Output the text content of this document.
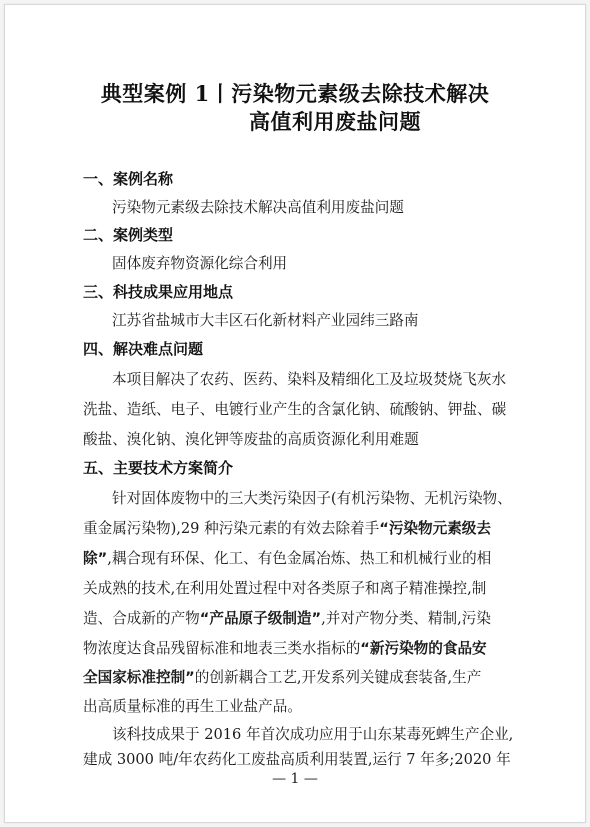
典型案例 1丨污染物元素级去除技术解决
高值利用废盐问题
一、案例名称
污染物元素级去除技术解决高值利用废盐问题
二、案例类型
固体废弃物资源化综合利用
三、科技成果应用地点
江苏省盐城市大丰区石化新材料产业园纬三路南
四、解决难点问题
本项目解决了农药、医药、染料及精细化工及垃圾焚烧飞灰水
洗盐、造纸、电子、电镀行业产生的含氯化钠、硫酸钠、钾盐、碳
酸盐、溴化钠、溴化钾等废盐的高质资源化利用难题
五、主要技术方案简介
针对固体废物中的三大类污染因子(有机污染物、无机污染物、
重金属污染物),29 种污染元素的有效去除着手“污染物元素级去
除”,耦合现有环保、化工、有色金属冶炼、热工和机械行业的相
关成熟的技术,在利用处置过程中对各类原子和离子精准操控,制
造、合成新的产物“产品原子级制造”,并对产物分类、精制,污染
物浓度达食品残留标准和地表三类水指标的“新污染物的食品安
全国家标准控制”的创新耦合工艺,开发系列关键成套装备,生产
出高质量标准的再生工业盐产品。
该科技成果于 2016 年首次成功应用于山东某毒死蜱生产企业,
建成 3000 吨/年农药化工废盐高质利用装置,运行 7 年多;2020 年
— 1 —
